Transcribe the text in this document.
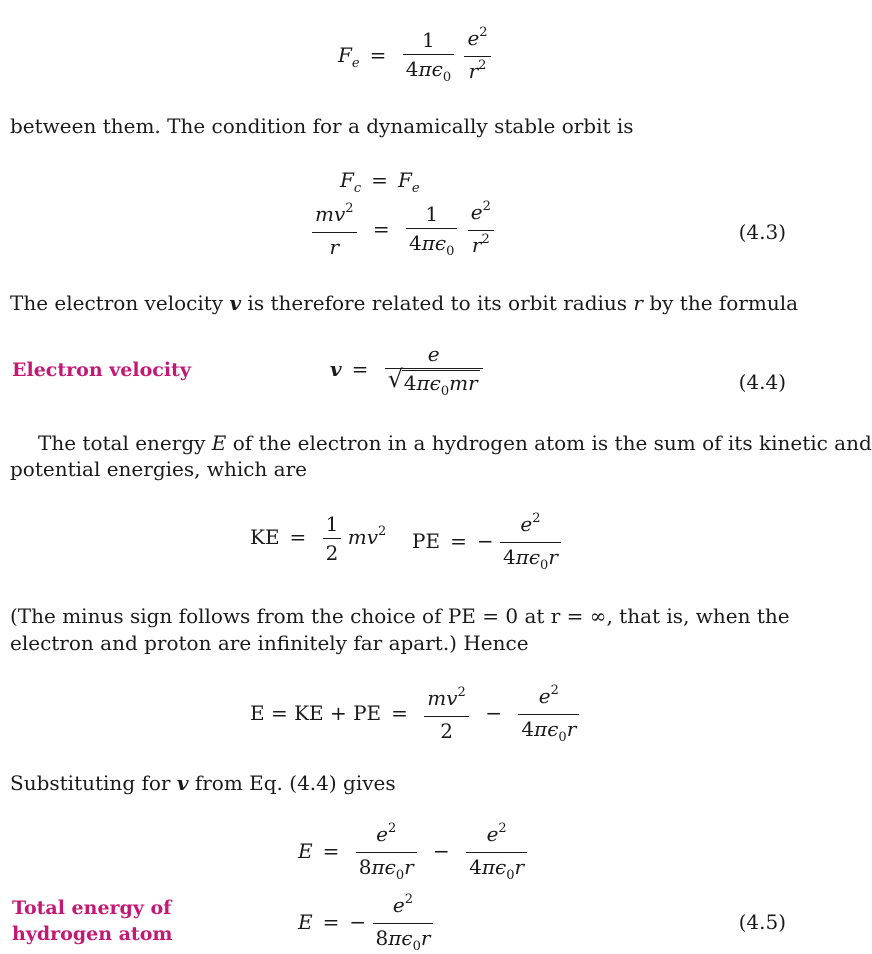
$F_e = \frac{1}{4\pi\epsilon_0}$
$\frac{e^2}{r^2}$
between them. The condition for a dynamically stable orbit is
$F_c = F_e$
$\frac{mv^2}{r} = \frac{1}{4\pi\epsilon_0}$
$\frac{e^2}{r^2}$	(4.3)
The electron velocity v is therefore related to its orbit radius r by the formula
Electron velocity	$v = \frac{e}{√ 4\pi\epsilon_0mr}$	(4.4)
The total energy E of the electron in a hydrogen atom is the sum of its kinetic and
potential energies, which are
KE = $\frac{1}{2} mv^2$ PE = − $\frac{e^2}{4\pi\epsilon_0r}$
(The minus sign follows from the choice of PE = 0 at r = ∞, that is, when the
electron and proton are infinitely far apart.) Hence
E = KE + PE = $\frac{mv^2}{2} - \frac{e^2}{4\pi\epsilon_0r}$
Substituting for v from Eq. (4.4) gives
$E = \frac{e^2}{8\pi\epsilon_0r} - \frac{e^2}{4\pi\epsilon_0r}$
Total energy of
hydrogen atom	E = − $\frac{e^2}{8\pi\epsilon_0r}$	(4.5)
